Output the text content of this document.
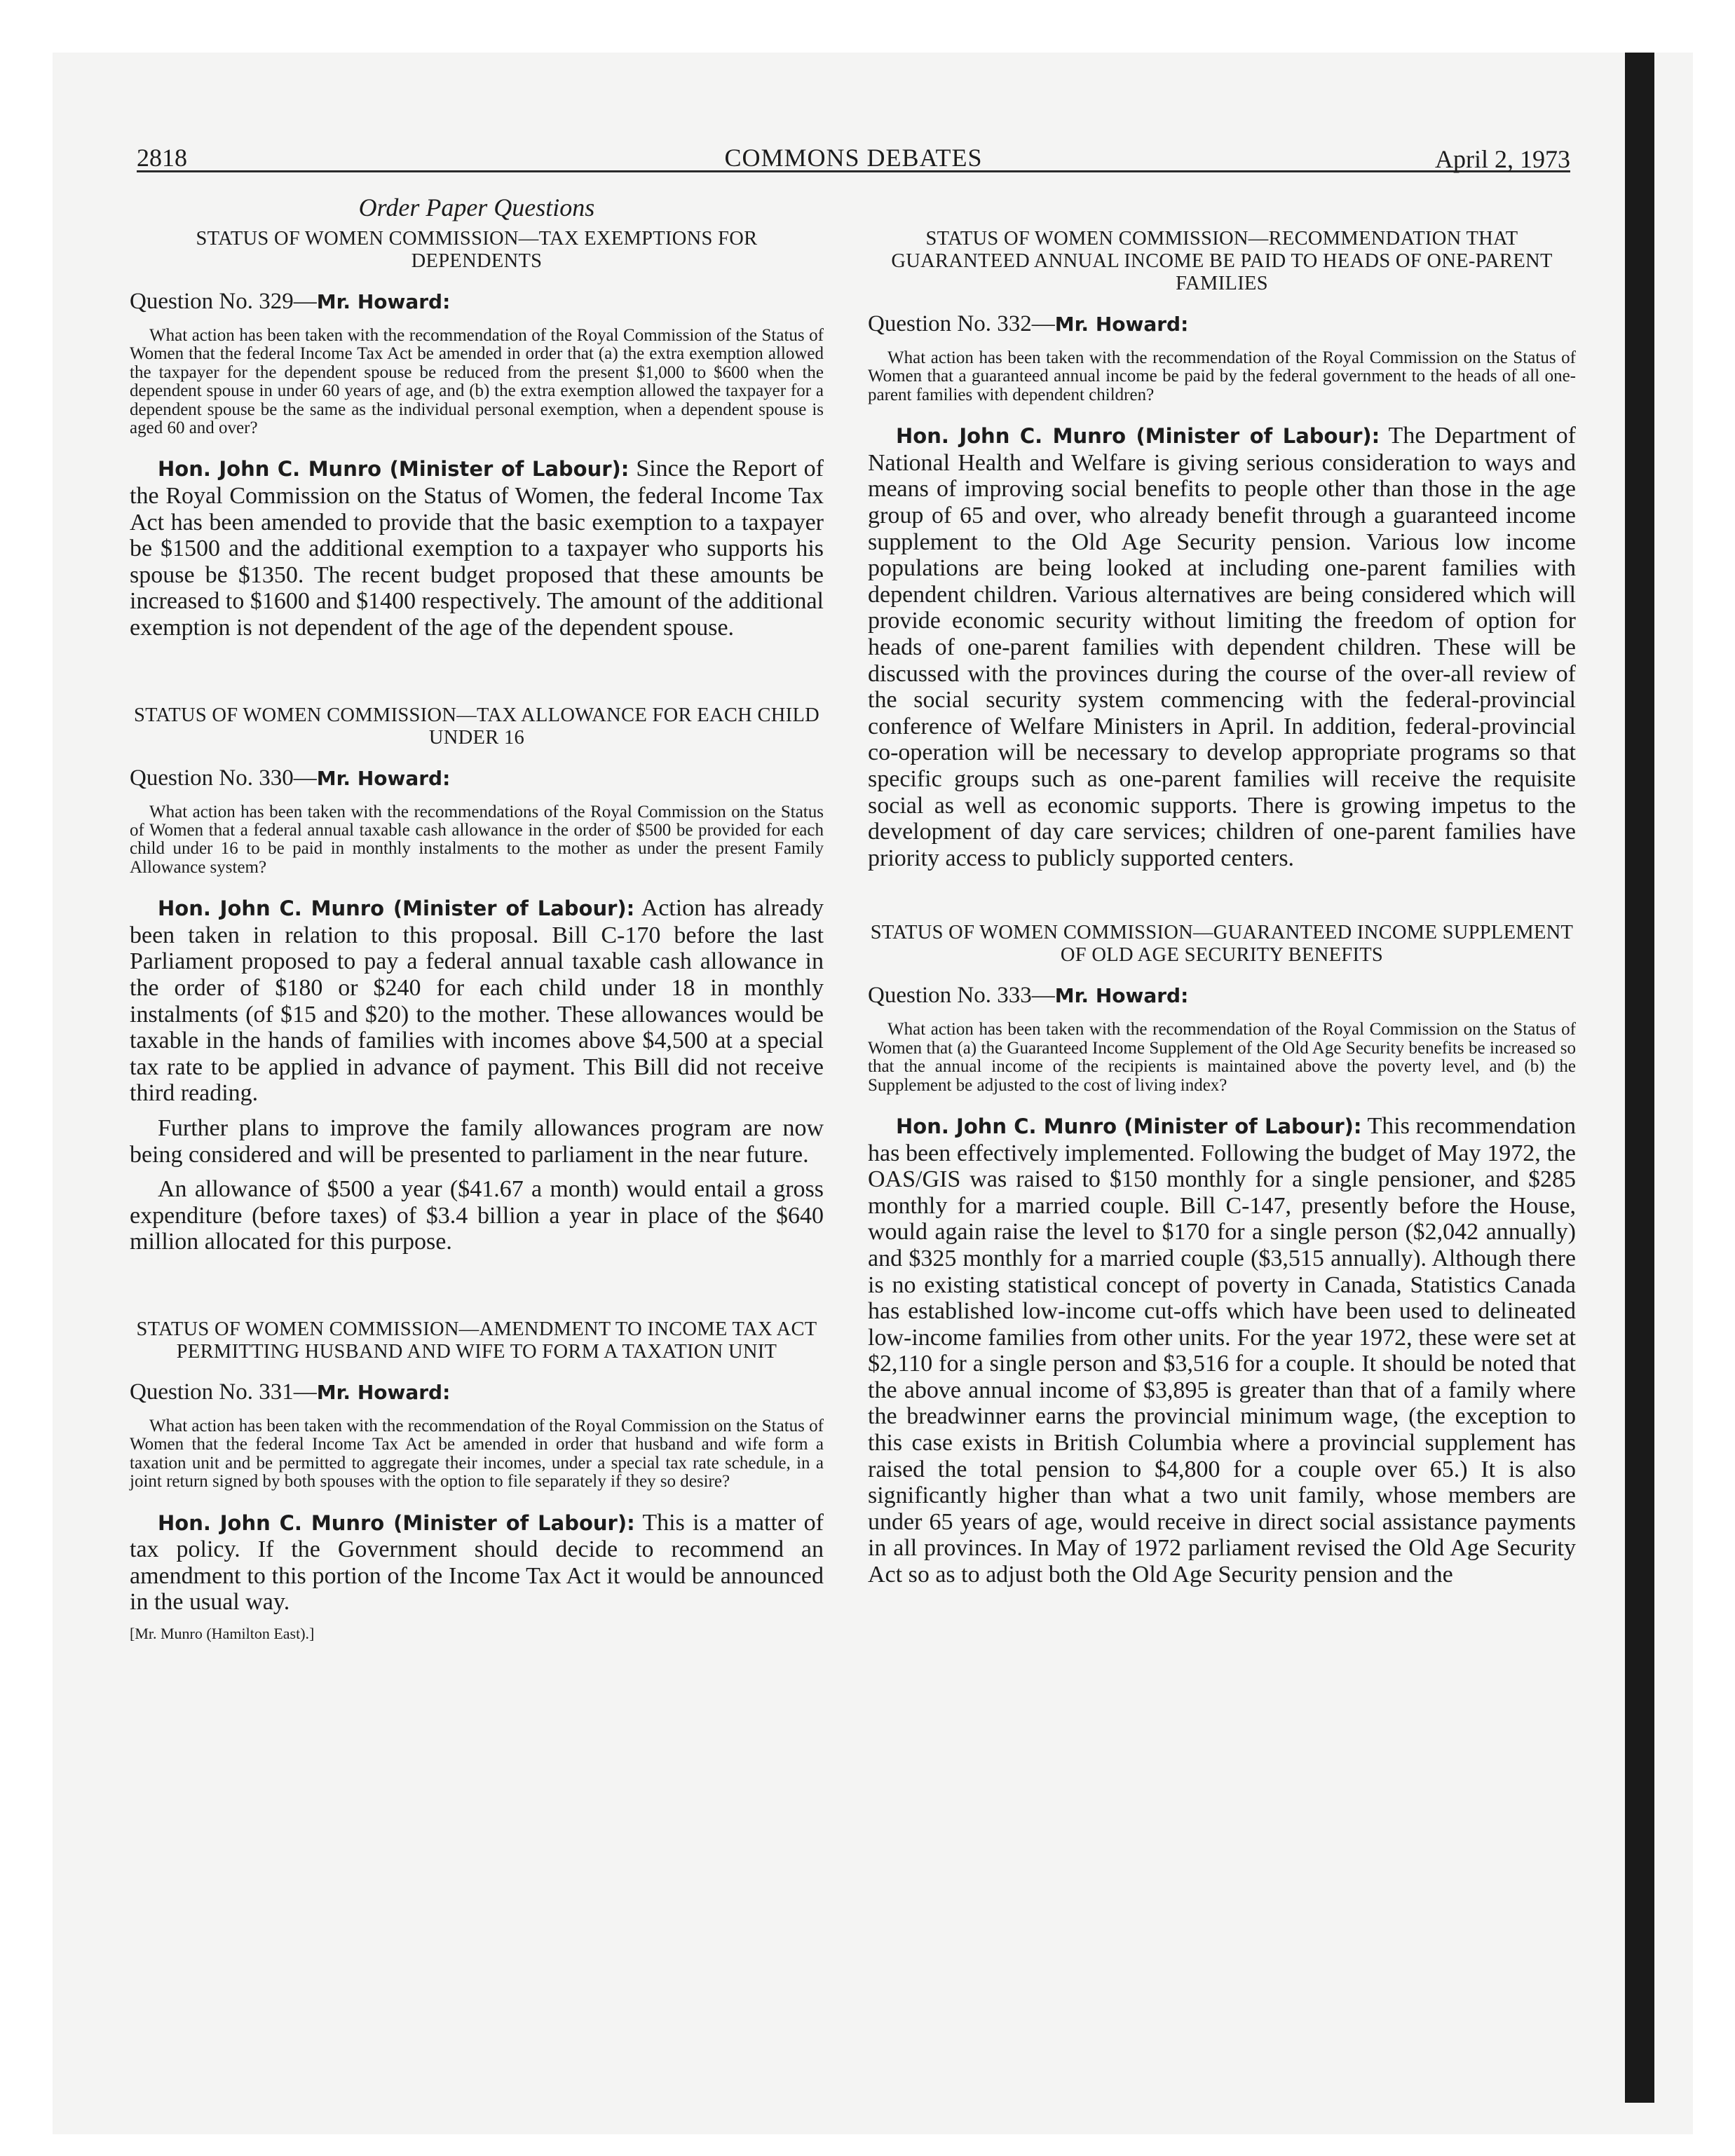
2818	COMMONS DEBATES	April 2, 1973
Order Paper Questions
STATUS OF WOMEN COMMISSION—TAX EXEMPTIONS FOR DEPENDENTS
Question No. 329—Mr. Howard:

What action has been taken with the recommendation of the Royal Commission of the Status of Women that the federal Income Tax Act be amended in order that (a) the extra exemption allowed the taxpayer for the dependent spouse be reduced from the present $1,000 to $600 when the dependent spouse in under 60 years of age, and (b) the extra exemption allowed the taxpayer for a dependent spouse be the same as the individual personal exemption, when a dependent spouse is aged 60 and over?

Hon. John C. Munro (Minister of Labour): Since the Report of the Royal Commission on the Status of Women, the federal Income Tax Act has been amended to provide that the basic exemption to a taxpayer be $1500 and the additional exemption to a taxpayer who supports his spouse be $1350. The recent budget proposed that these amounts be increased to $1600 and $1400 respectively. The amount of the additional exemption is not dependent of the age of the dependent spouse.

STATUS OF WOMEN COMMISSION—TAX ALLOWANCE FOR EACH CHILD UNDER 16
Question No. 330—Mr. Howard:

What action has been taken with the recommendations of the Royal Commission on the Status of Women that a federal annual taxable cash allowance in the order of $500 be provided for each child under 16 to be paid in monthly instalments to the mother as under the present Family Allowance system?

Hon. John C. Munro (Minister of Labour): Action has already been taken in relation to this proposal. Bill C-170 before the last Parliament proposed to pay a federal annual taxable cash allowance in the order of $180 or $240 for each child under 18 in monthly instalments (of $15 and $20) to the mother. These allowances would be taxable in the hands of families with incomes above $4,500 at a special tax rate to be applied in advance of payment. This Bill did not receive third reading.

Further plans to improve the family allowances program are now being considered and will be presented to parliament in the near future.

An allowance of $500 a year ($41.67 a month) would entail a gross expenditure (before taxes) of $3.4 billion a year in place of the $640 million allocated for this purpose.

STATUS OF WOMEN COMMISSION—AMENDMENT TO INCOME TAX ACT PERMITTING HUSBAND AND WIFE TO FORM A TAXATION UNIT
Question No. 331—Mr. Howard:

What action has been taken with the recommendation of the Royal Commission on the Status of Women that the federal Income Tax Act be amended in order that husband and wife form a taxation unit and be permitted to aggregate their incomes, under a special tax rate schedule, in a joint return signed by both spouses with the option to file separately if they so desire?

Hon. John C. Munro (Minister of Labour): This is a matter of tax policy. If the Government should decide to recommend an amendment to this portion of the Income Tax Act it would be announced in the usual way.

[Mr. Munro (Hamilton East).]
STATUS OF WOMEN COMMISSION—RECOMMENDATION THAT GUARANTEED ANNUAL INCOME BE PAID TO HEADS OF ONE-PARENT FAMILIES
Question No. 332—Mr. Howard:

What action has been taken with the recommendation of the Royal Commission on the Status of Women that a guaranteed annual income be paid by the federal government to the heads of all one-parent families with dependent children?

Hon. John C. Munro (Minister of Labour): The Department of National Health and Welfare is giving serious consideration to ways and means of improving social benefits to people other than those in the age group of 65 and over, who already benefit through a guaranteed income supplement to the Old Age Security pension. Various low income populations are being looked at including one-parent families with dependent children. Various alternatives are being considered which will provide economic security without limiting the freedom of option for heads of one-parent families with dependent children. These will be discussed with the provinces during the course of the over-all review of the social security system commencing with the federal-provincial conference of Welfare Ministers in April. In addition, federal-provincial co-operation will be necessary to develop appropriate programs so that specific groups such as one-parent families will receive the requisite social as well as economic supports. There is growing impetus to the development of day care services; children of one-parent families have priority access to publicly supported centers.

STATUS OF WOMEN COMMISSION—GUARANTEED INCOME SUPPLEMENT OF OLD AGE SECURITY BENEFITS
Question No. 333—Mr. Howard:

What action has been taken with the recommendation of the Royal Commission on the Status of Women that (a) the Guaranteed Income Supplement of the Old Age Security benefits be increased so that the annual income of the recipients is maintained above the poverty level, and (b) the Supplement be adjusted to the cost of living index?

Hon. John C. Munro (Minister of Labour): This recommendation has been effectively implemented. Following the budget of May 1972, the OAS/GIS was raised to $150 monthly for a single pensioner, and $285 monthly for a married couple. Bill C-147, presently before the House, would again raise the level to $170 for a single person ($2,042 annually) and $325 monthly for a married couple ($3,515 annually). Although there is no existing statistical concept of poverty in Canada, Statistics Canada has established low-income cut-offs which have been used to delineated low-income families from other units. For the year 1972, these were set at $2,110 for a single person and $3,516 for a couple. It should be noted that the above annual income of $3,895 is greater than that of a family where the breadwinner earns the provincial minimum wage, (the exception to this case exists in British Columbia where a provincial supplement has raised the total pension to $4,800 for a couple over 65.) It is also significantly higher than what a two unit family, whose members are under 65 years of age, would receive in direct social assistance payments in all provinces. In May of 1972 parliament revised the Old Age Security Act so as to adjust both the Old Age Security pension and the
